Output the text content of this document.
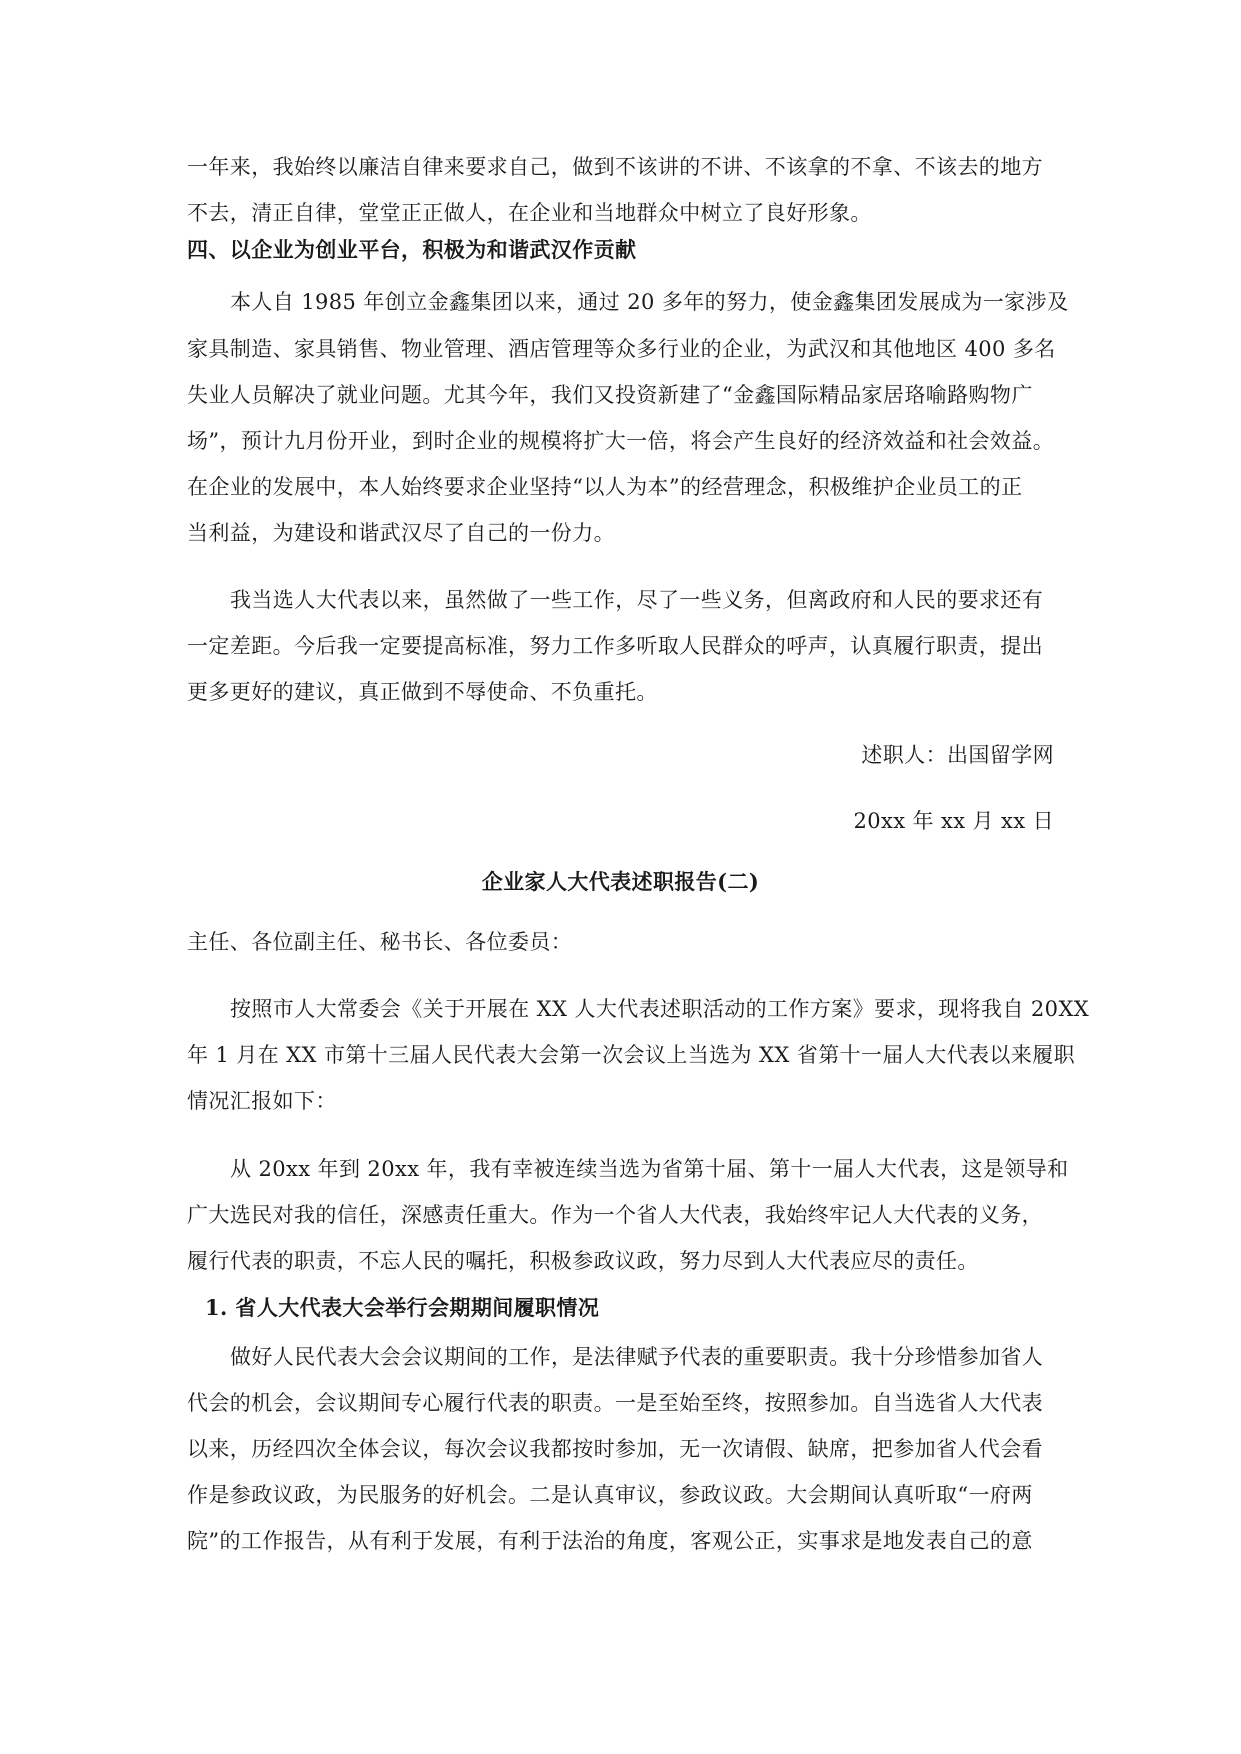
一年来，我始终以廉洁自律来要求自己，做到不该讲的不讲、不该拿的不拿、不该去的地方
不去，清正自律，堂堂正正做人，在企业和当地群众中树立了良好形象。
四、以企业为创业平台，积极为和谐武汉作贡献
本人自 1985 年创立金鑫集团以来，通过 20 多年的努力，使金鑫集团发展成为一家涉及
家具制造、家具销售、物业管理、酒店管理等众多行业的企业，为武汉和其他地区 400 多名
失业人员解决了就业问题。尤其今年，我们又投资新建了“金鑫国际精品家居珞喻路购物广
场”，预计九月份开业，到时企业的规模将扩大一倍，将会产生良好的经济效益和社会效益。
在企业的发展中，本人始终要求企业坚持“以人为本”的经营理念，积极维护企业员工的正
当利益，为建设和谐武汉尽了自己的一份力。
我当选人大代表以来，虽然做了一些工作，尽了一些义务，但离政府和人民的要求还有
一定差距。今后我一定要提高标准，努力工作多听取人民群众的呼声，认真履行职责，提出
更多更好的建议，真正做到不辱使命、不负重托。
述职人：出国留学网
20xx 年 xx 月 xx 日
企业家人大代表述职报告(二)
主任、各位副主任、秘书长、各位委员：
按照市人大常委会《关于开展在 XX 人大代表述职活动的工作方案》要求，现将我自 20XX
年 1 月在 XX 市第十三届人民代表大会第一次会议上当选为 XX 省第十一届人大代表以来履职
情况汇报如下：
从 20xx 年到 20xx 年，我有幸被连续当选为省第十届、第十一届人大代表，这是领导和
广大选民对我的信任，深感责任重大。作为一个省人大代表，我始终牢记人大代表的义务，
履行代表的职责，不忘人民的嘱托，积极参政议政，努力尽到人大代表应尽的责任。
1. 省人大代表大会举行会期期间履职情况
做好人民代表大会会议期间的工作，是法律赋予代表的重要职责。我十分珍惜参加省人
代会的机会，会议期间专心履行代表的职责。一是至始至终，按照参加。自当选省人大代表
以来，历经四次全体会议，每次会议我都按时参加，无一次请假、缺席，把参加省人代会看
作是参政议政，为民服务的好机会。二是认真审议，参政议政。大会期间认真听取“一府两
院”的工作报告，从有利于发展，有利于法治的角度，客观公正，实事求是地发表自己的意
